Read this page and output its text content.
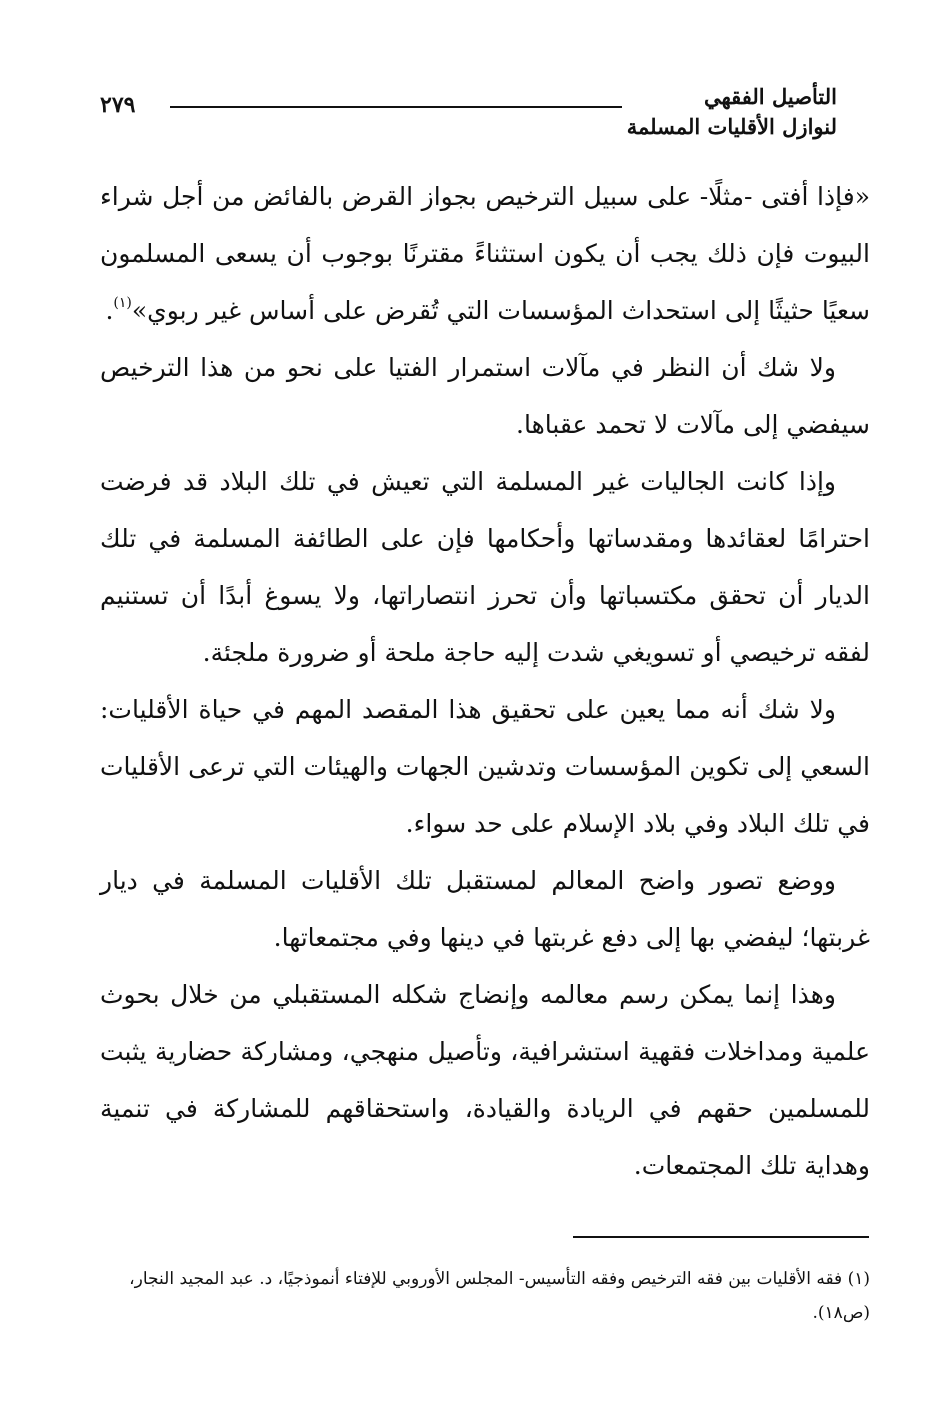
التأصيل الفقهي
لنوازل الأقليات المسلمة
٢٧٩

«فإذا أفتى -مثلًا- على سبيل الترخيص بجواز القرض بالفائض من أجل شراء البيوت فإن ذلك يجب أن يكون استثناءً مقترنًا بوجوب أن يسعى المسلمون سعيًا حثيثًا إلى استحداث المؤسسات التي تُقرض على أساس غير ربوي»$^{(١)}$.

ولا شك أن النظر في مآلات استمرار الفتيا على نحو من هذا الترخيص سيفضي إلى مآلات لا تحمد عقباها.

وإذا كانت الجاليات غير المسلمة التي تعيش في تلك البلاد قد فرضت احترامًا لعقائدها ومقدساتها وأحكامها فإن على الطائفة المسلمة في تلك الديار أن تحقق مكتسباتها وأن تحرز انتصاراتها، ولا يسوغ أبدًا أن تستنيم لفقه ترخيصي أو تسويغي شدت إليه حاجة ملحة أو ضرورة ملجئة.

ولا شك أنه مما يعين على تحقيق هذا المقصد المهم في حياة الأقليات: السعي إلى تكوين المؤسسات وتدشين الجهات والهيئات التي ترعى الأقليات في تلك البلاد وفي بلاد الإسلام على حد سواء.

ووضع تصور واضح المعالم لمستقبل تلك الأقليات المسلمة في ديار غربتها؛ ليفضي بها إلى دفع غربتها في دينها وفي مجتمعاتها.

وهذا إنما يمكن رسم معالمه وإنضاج شكله المستقبلي من خلال بحوث علمية ومداخلات فقهية استشرافية، وتأصيل منهجي، ومشاركة حضارية يثبت للمسلمين حقهم في الريادة والقيادة، واستحقاقهم للمشاركة في تنمية وهداية تلك المجتمعات.

(١) فقه الأقليات بين فقه الترخيص وفقه التأسيس- المجلس الأوروبي للإفتاء أنموذجيًا، د. عبد المجيد النجار،

(ص١٨).
